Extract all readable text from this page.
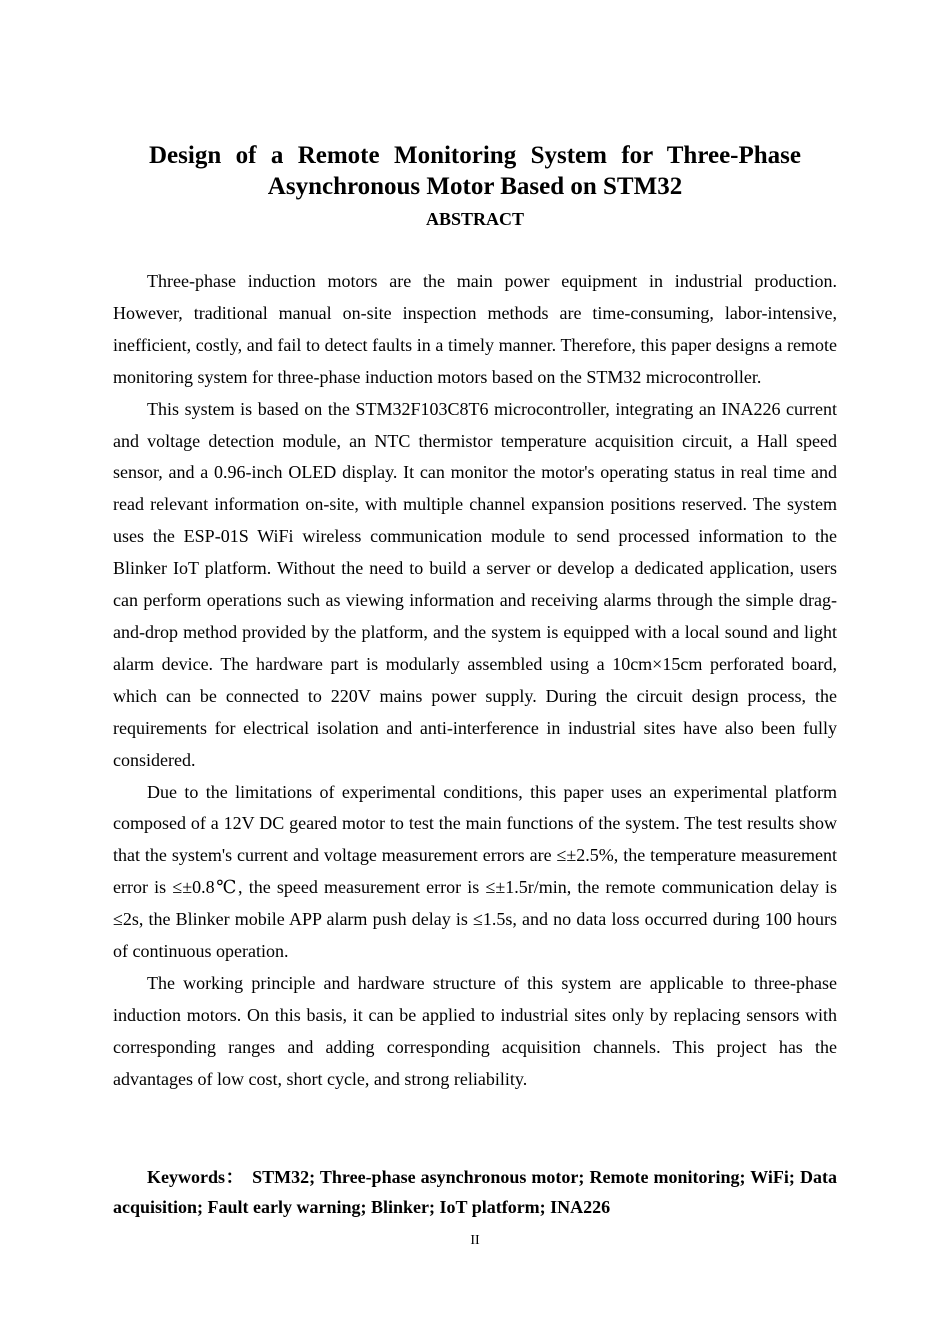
Design of a Remote Monitoring System for Three-Phase
Asynchronous Motor Based on STM32
ABSTRACT

Three-phase induction motors are the main power equipment in industrial production. However, traditional manual on-site inspection methods are time-consuming, labor-intensive, inefficient, costly, and fail to detect faults in a timely manner. Therefore, this paper designs a remote monitoring system for three-phase induction motors based on the STM32 microcontroller.

This system is based on the STM32F103C8T6 microcontroller, integrating an INA226 current and voltage detection module, an NTC thermistor temperature acquisition circuit, a Hall speed sensor, and a 0.96-inch OLED display. It can monitor the motor's operating status in real time and read relevant information on-site, with multiple channel expansion positions reserved. The system uses the ESP-01S WiFi wireless communication module to send processed information to the Blinker IoT platform. Without the need to build a server or develop a dedicated application, users can perform operations such as viewing information and receiving alarms through the simple drag-and-drop method provided by the platform, and the system is equipped with a local sound and light alarm device. The hardware part is modularly assembled using a 10cm×15cm perforated board, which can be connected to 220V mains power supply. During the circuit design process, the requirements for electrical isolation and anti-interference in industrial sites have also been fully considered.

Due to the limitations of experimental conditions, this paper uses an experimental platform composed of a 12V DC geared motor to test the main functions of the system. The test results show that the system's current and voltage measurement errors are ≤±2.5%, the temperature measurement error is ≤±0.8℃, the speed measurement error is ≤±1.5r/min, the remote communication delay is ≤2s, the Blinker mobile APP alarm push delay is ≤1.5s, and no data loss occurred during 100 hours of continuous operation.

The working principle and hardware structure of this system are applicable to three-phase induction motors. On this basis, it can be applied to industrial sites only by replacing sensors with corresponding ranges and adding corresponding acquisition channels. This project has the advantages of low cost, short cycle, and strong reliability.

Keywords： STM32; Three-phase asynchronous motor; Remote monitoring; WiFi; Data acquisition; Fault early warning; Blinker; IoT platform; INA226

II
